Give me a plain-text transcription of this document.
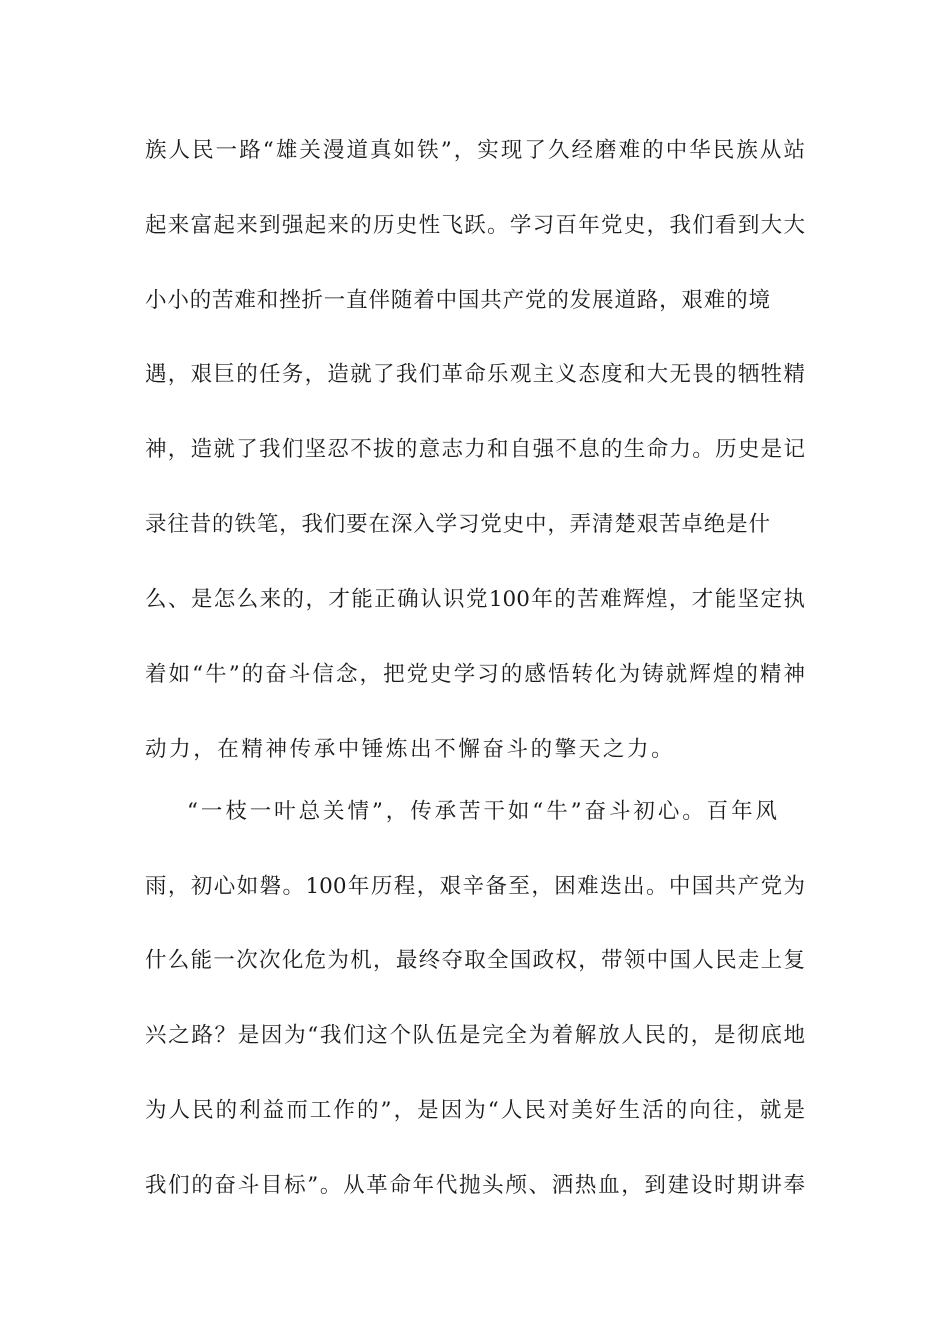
族人民一路“雄关漫道真如铁”，实现了久经磨难的中华民族从站
起来富起来到强起来的历史性飞跃。学习百年党史，我们看到大大
小小的苦难和挫折一直伴随着中国共产党的发展道路，艰难的境
遇，艰巨的任务，造就了我们革命乐观主义态度和大无畏的牺牲精
神，造就了我们坚忍不拔的意志力和自强不息的生命力。历史是记
录往昔的铁笔，我们要在深入学习党史中，弄清楚艰苦卓绝是什
么、是怎么来的，才能正确认识党100年的苦难辉煌，才能坚定执
着如“牛”的奋斗信念，把党史学习的感悟转化为铸就辉煌的精神
动力，在精神传承中锤炼出不懈奋斗的擎天之力。
“一枝一叶总关情”，传承苦干如“牛”奋斗初心。百年风
雨，初心如磐。100年历程，艰辛备至，困难迭出。中国共产党为
什么能一次次化危为机，最终夺取全国政权，带领中国人民走上复
兴之路？是因为“我们这个队伍是完全为着解放人民的，是彻底地
为人民的利益而工作的”，是因为“人民对美好生活的向往，就是
我们的奋斗目标”。从革命年代抛头颅、洒热血，到建设时期讲奉
